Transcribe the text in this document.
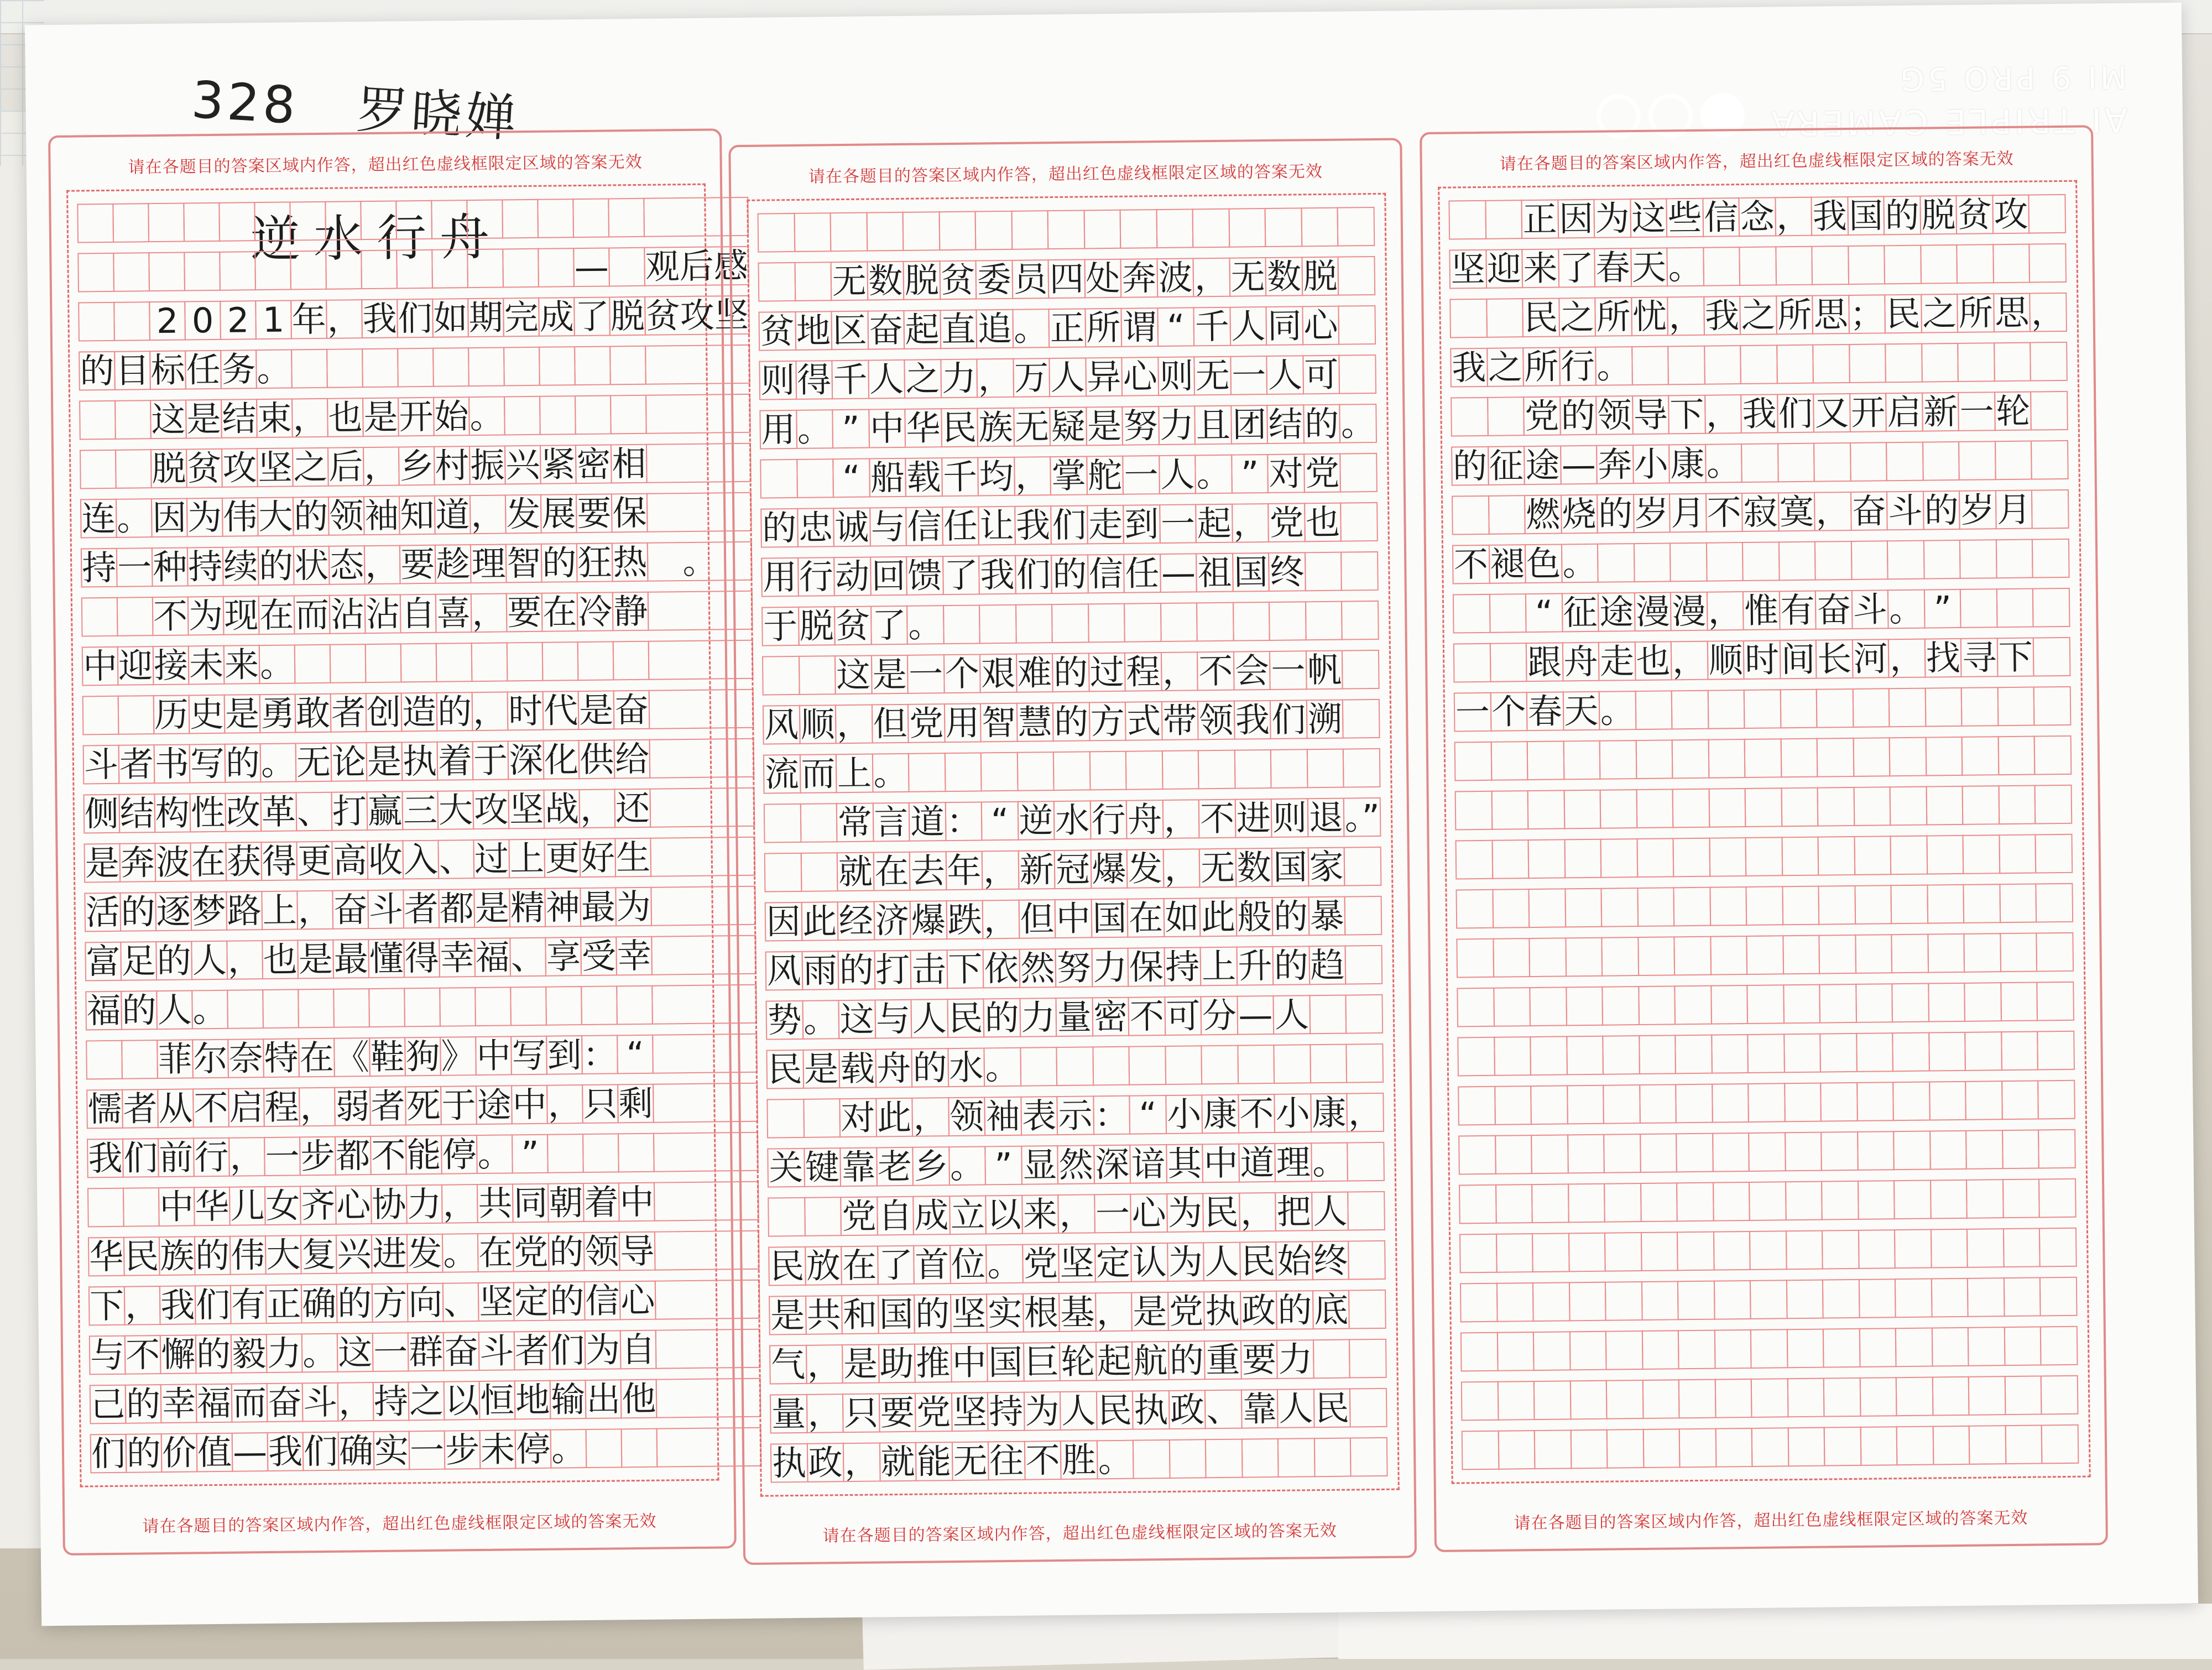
328 罗晓婵	AI TRIPLE CAMERA
MI 9 PRO 5G
请在各题目的答案区域内作答，超出红色虚线框限定区域的答案无效
逆水行舟 — 观后感
2 0 2 1 年 ， 我 们 如 期 完 成 了 脱 贫攻坚
的 目 标 任 务 。
这 是 结 束 ， 也 是 开 始 。
脱 贫 攻 坚 之 后 ， 乡 村 振 兴 紧 密 相
连 。 因 为 伟 大 的 领 袖 知 道 ， 发 展 要 保
持 一 种 持 续 的 状 态 ， 要 趁 理 智 的 狂 热	。
不 为 现 在 而 沾 沾 自 喜 ， 要 在 冷 静
中 迎 接 未 来 。
历 史 是 勇 敢 者 创 造 的 ， 时 代 是 奋
斗 者 书 写 的 。 无 论 是 执 着 于 深 化 供 给
侧 结 构 性 改 革 、 打 赢 三 大 攻 坚 战 ， 还
是 奔 波 在 获 得 更 高 收 入 、 过 上 更 好 生
活 的 逐 梦 路 上 ， 奋 斗 者 都 是 精 神 最 为
富 足 的 人 ， 也 是 最 懂 得 幸 福 、 享 受 幸
福 的 人 。
菲 尔 奈 特 在 《 鞋 狗 》 中 写 到 ： “
懦 者 从 不 启 程 ， 弱 者 死 于 途 中 ， 只 剩
我 们 前 行 ， 一 步 都 不 能 停 。 ”
中 华 儿 女 齐 心 协 力 ， 共 同 朝 着 中
华 民 族 的 伟 大 复 兴 进 发 。 在 党 的 领 导
下 ， 我 们 有 正 确 的 方 向 、 坚 定 的 信 心
与 不 懈 的 毅 力 。 这 一 群 奋 斗 者 们 为 自
己 的 幸 福 而 奋 斗 ， 持 之 以 恒 地 输 出 他
们 的 价 值 — 我 们 确 实 一 步 未 停 。
请在各题目的答案区域内作答，超出红色虚线框限定区域的答案无效
请在各题目的答案区域内作答，超出红色虚线框限定区域的答案无效
无 数 脱 贫 委 员 四 处 奔 波 ， 无 数 脱
贫 地 区 奋 起 直 追 。 正 所 谓 “ 千 人 同 心
则 得 千 人 之 力 ， 万 人 异 心 则 无 一 人 可
用 。 ” 中 华 民 族 无 疑 是 努 力 且 团 结 的 。
“ 船 载 千 均 ， 掌 舵 一 人 。 ” 对 党
的 忠 诚 与 信 任 让 我 们 走 到 一 起 ， 党 也
用 行 动 回 馈 了 我 们 的 信 任 — 祖 国 终
于 脱 贫 了 。
这 是 一 个 艰 难 的 过 程 ， 不 会 一 帆
风 顺 ， 但 党 用 智 慧 的 方 式 带 领 我 们 溯
流 而 上 。
常 言 道 ： “ 逆 水 行 舟 ， 不 进 则 退 。”
就 在 去 年 ， 新 冠 爆 发 ， 无 数 国 家
因 此 经 济 爆 跌 ， 但 中 国 在 如 此 般 的 暴
风 雨 的 打 击 下 依 然 努 力 保 持 上 升 的 趋
势 。 这 与 人 民 的 力 量 密 不 可 分 — 人
民 是 载 舟 的 水 。
对 此 ， 领 袖 表 示 ： “ 小 康 不 小 康 ，
关 键 靠 老 乡 。 ” 显 然 深 谙 其 中 道 理 。
党 自 成 立 以 来 ， 一 心 为 民 ， 把 人
民 放 在 了 首 位 。 党 坚 定 认 为 人 民 始 终
是 共 和 国 的 坚 实 根 基 ， 是 党 执 政 的 底
气 ， 是 助 推 中 国 巨 轮 起 航 的 重 要 力
量 ， 只 要 党 坚 持 为 人 民 执 政 、 靠 人 民
执 政 ， 就 能 无 往 不 胜 。
请在各题目的答案区域内作答，超出红色虚线框限定区域的答案无效
请在各题目的答案区域内作答，超出红色虚线框限定区域的答案无效
正 因 为 这 些 信 念 ， 我 国 的 脱 贫 攻
坚 迎 来 了 春 天 。
民 之 所 忧 ， 我 之 所 思 ； 民 之 所 思 ，
我 之 所 行 。
党 的 领 导 下 ， 我 们 又 开 启 新 一 轮
的 征 途 — 奔 小 康 。
燃 烧 的 岁 月 不 寂 寞 ， 奋 斗 的 岁 月
不 褪 色 。
“ 征 途 漫 漫 ， 惟 有 奋 斗 。 ”
跟 舟 走 也 ， 顺 时 间 长 河 ， 找 寻 下
一 个 春 天 。
请在各题目的答案区域内作答，超出红色虚线框限定区域的答案无效
